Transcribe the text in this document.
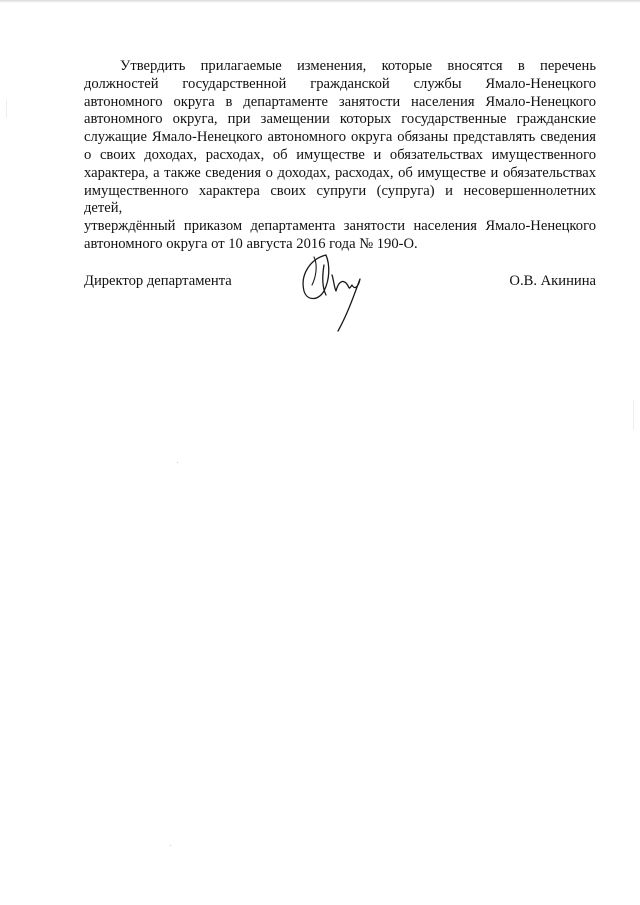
Утвердить прилагаемые изменения, которые вносятся в перечень
должностей государственной гражданской службы Ямало-Ненецкого
автономного округа в департаменте занятости населения Ямало-Ненецкого
автономного округа, при замещении которых государственные гражданские
служащие Ямало-Ненецкого автономного округа обязаны представлять сведения
о своих доходах, расходах, об имуществе и обязательствах имущественного
характера, а также сведения о доходах, расходах, об имуществе и обязательствах
имущественного характера своих супруги (супруга) и несовершеннолетних детей,
утверждённый приказом департамента занятости населения Ямало-Ненецкого
автономного округа от 10 августа 2016 года № 190-О.
Директор департамента	О.В. Акинина
